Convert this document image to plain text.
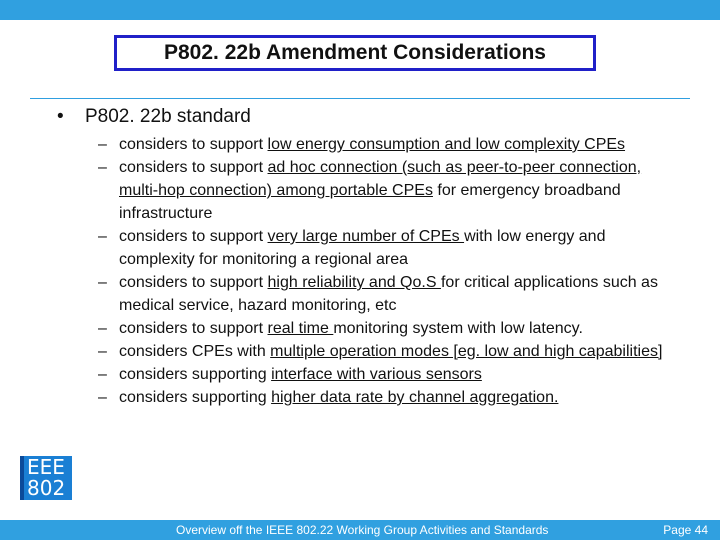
P802. 22b Amendment Considerations
• P802. 22b standard
– considers to support low energy consumption and low complexity CPEs
– considers to support ad hoc connection (such as peer-to-peer connection, multi-hop connection) among portable CPEs for emergency broadband infrastructure
– considers to support very large number of CPEs with low energy and complexity for monitoring a regional area
– considers to support high reliability and Qo.S for critical applications such as medical service, hazard monitoring, etc
– considers to support real time monitoring system with low latency.
– considers CPEs with multiple operation modes [eg. low and high capabilities]
– considers supporting interface with various sensors
– considers supporting higher data rate by channel aggregation.
EEE
802
Overview off the IEEE 802.22 Working Group Activities and Standards	Page 44
